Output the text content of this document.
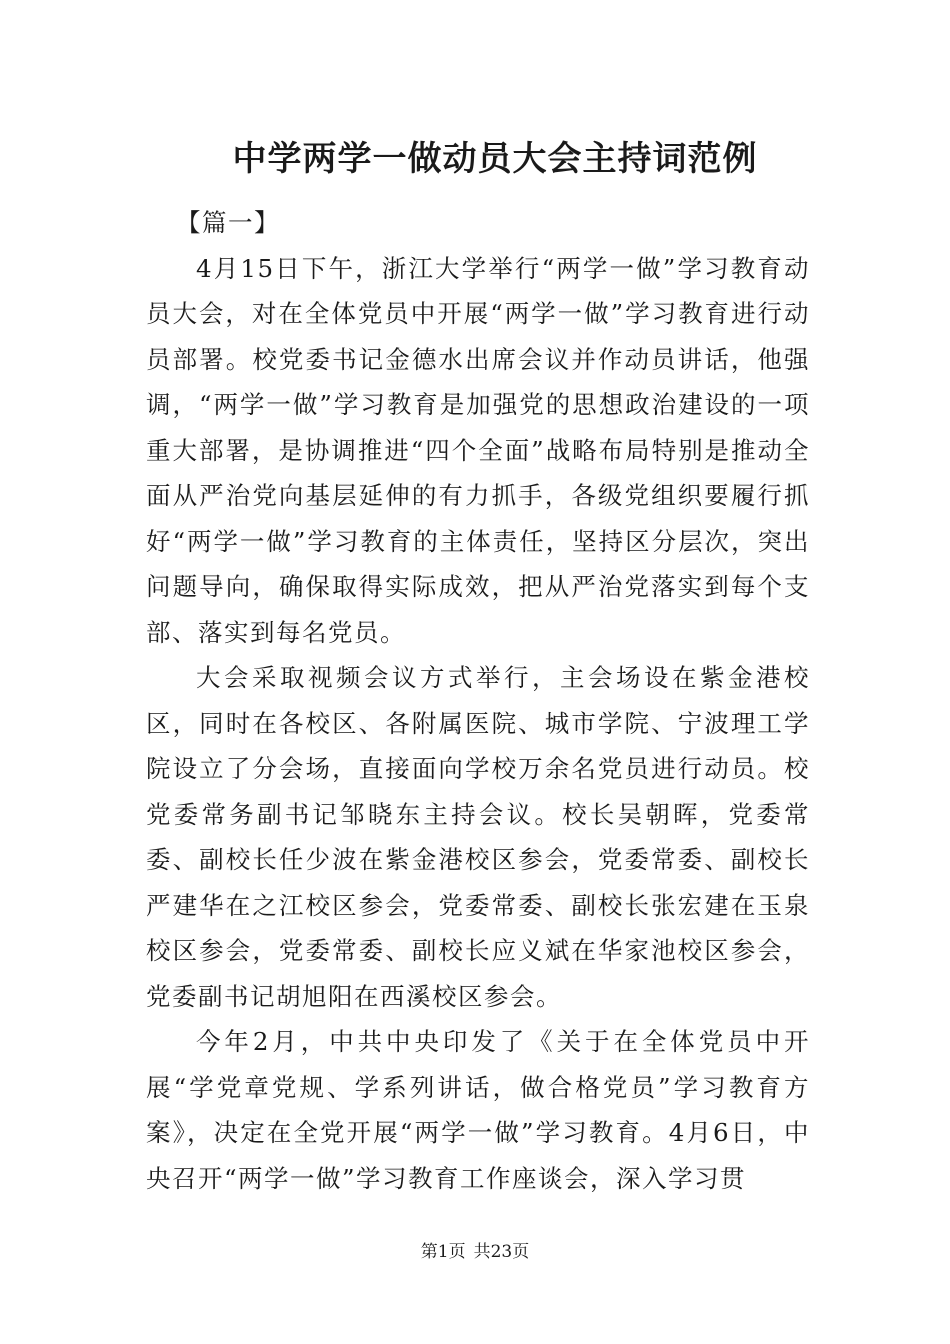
中学两学一做动员大会主持词范例

【篇一】

4月15日下午，浙江大学举行“两学一做”学习教育动员大会，对在全体党员中开展“两学一做”学习教育进行动员部署。校党委书记金德水出席会议并作动员讲话，他强调，“两学一做”学习教育是加强党的思想政治建设的一项重大部署，是协调推进“四个全面”战略布局特别是推动全面从严治党向基层延伸的有力抓手，各级党组织要履行抓好“两学一做”学习教育的主体责任，坚持区分层次，突出问题导向，确保取得实际成效，把从严治党落实到每个支部、落实到每名党员。

大会采取视频会议方式举行，主会场设在紫金港校区，同时在各校区、各附属医院、城市学院、宁波理工学院设立了分会场，直接面向学校万余名党员进行动员。校党委常务副书记邹晓东主持会议。校长吴朝晖，党委常委、副校长任少波在紫金港校区参会，党委常委、副校长严建华在之江校区参会，党委常委、副校长张宏建在玉泉校区参会，党委常委、副校长应义斌在华家池校区参会，党委副书记胡旭阳在西溪校区参会。

今年2月，中共中央印发了《关于在全体党员中开展“学党章党规、学系列讲话，做合格党员”学习教育方案》，决定在全党开展“两学一做”学习教育。4月6日，中央召开“两学一做”学习教育工作座谈会，深入学习贯

第1页 共23页
